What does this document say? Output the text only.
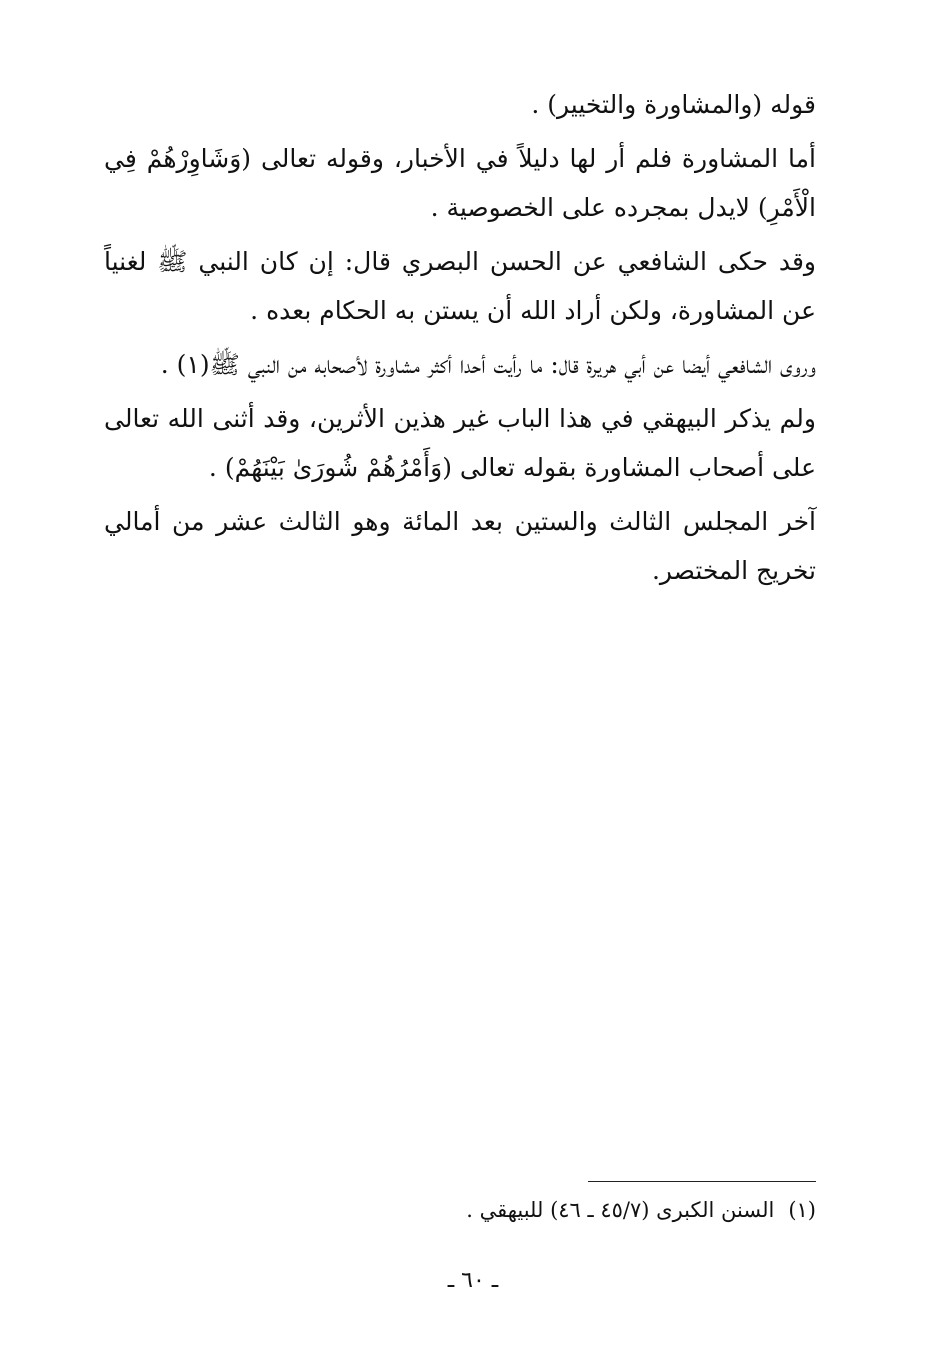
قوله (والمشاورة والتخيير) .

أما المشاورة فلم أر لها دليلاً في الأخبار، وقوله تعالى (وَشَاوِرْهُمْ فِي الْأَمْرِ) لايدل بمجرده على الخصوصية .

وقد حكى الشافعي عن الحسن البصري قال: إن كان النبي ﷺ لغنياً عن المشاورة، ولكن أراد الله أن يستن به الحكام بعده .

وروى الشافعي أيضا عن أبي هريرة قال: ما رأيت أحدا أكثر مشاورة لأصحابه من النبي ﷺ(١) .

ولم يذكر البيهقي في هذا الباب غير هذين الأثرين، وقد أثنى الله تعالى على أصحاب المشاورة بقوله تعالى (وَأَمْرُهُمْ شُورَىٰ بَيْنَهُمْ) .

آخر المجلس الثالث والستين بعد المائة وهو الثالث عشر من أمالي تخريج المختصر.

(١)السنن الكبرى (٤٥/٧ ـ ٤٦) للبيهقي .
ـ ٦٠ ـ
